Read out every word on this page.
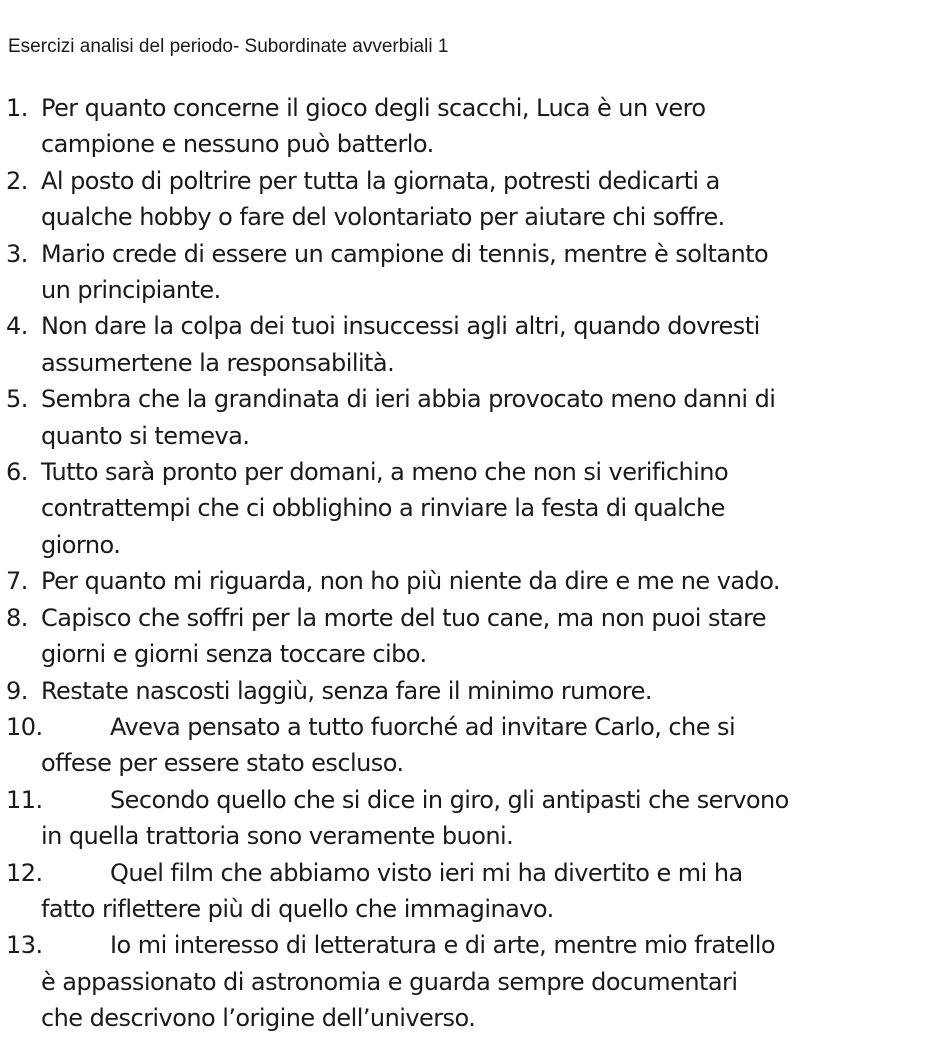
Esercizi analisi del periodo- Subordinate avverbiali 1
1. Per quanto concerne il gioco degli scacchi, Luca è un vero
campione e nessuno può batterlo.
2. Al posto di poltrire per tutta la giornata, potresti dedicarti a
qualche hobby o fare del volontariato per aiutare chi soffre.
3. Mario crede di essere un campione di tennis, mentre è soltanto
un principiante.
4. Non dare la colpa dei tuoi insuccessi agli altri, quando dovresti
assumertene la responsabilità.
5. Sembra che la grandinata di ieri abbia provocato meno danni di
quanto si temeva.
6. Tutto sarà pronto per domani, a meno che non si verifichino
contrattempi che ci obblighino a rinviare la festa di qualche
giorno.
7. Per quanto mi riguarda, non ho più niente da dire e me ne vado.
8. Capisco che soffri per la morte del tuo cane, ma non puoi stare
giorni e giorni senza toccare cibo.
9. Restate nascosti laggiù, senza fare il minimo rumore.
10.	Aveva pensato a tutto fuorché ad invitare Carlo, che si
offese per essere stato escluso.
11.	Secondo quello che si dice in giro, gli antipasti che servono
in quella trattoria sono veramente buoni.
12.	Quel film che abbiamo visto ieri mi ha divertito e mi ha
fatto riflettere più di quello che immaginavo.
13.	Io mi interesso di letteratura e di arte, mentre mio fratello
è appassionato di astronomia e guarda sempre documentari
che descrivono l’origine dell’universo.
